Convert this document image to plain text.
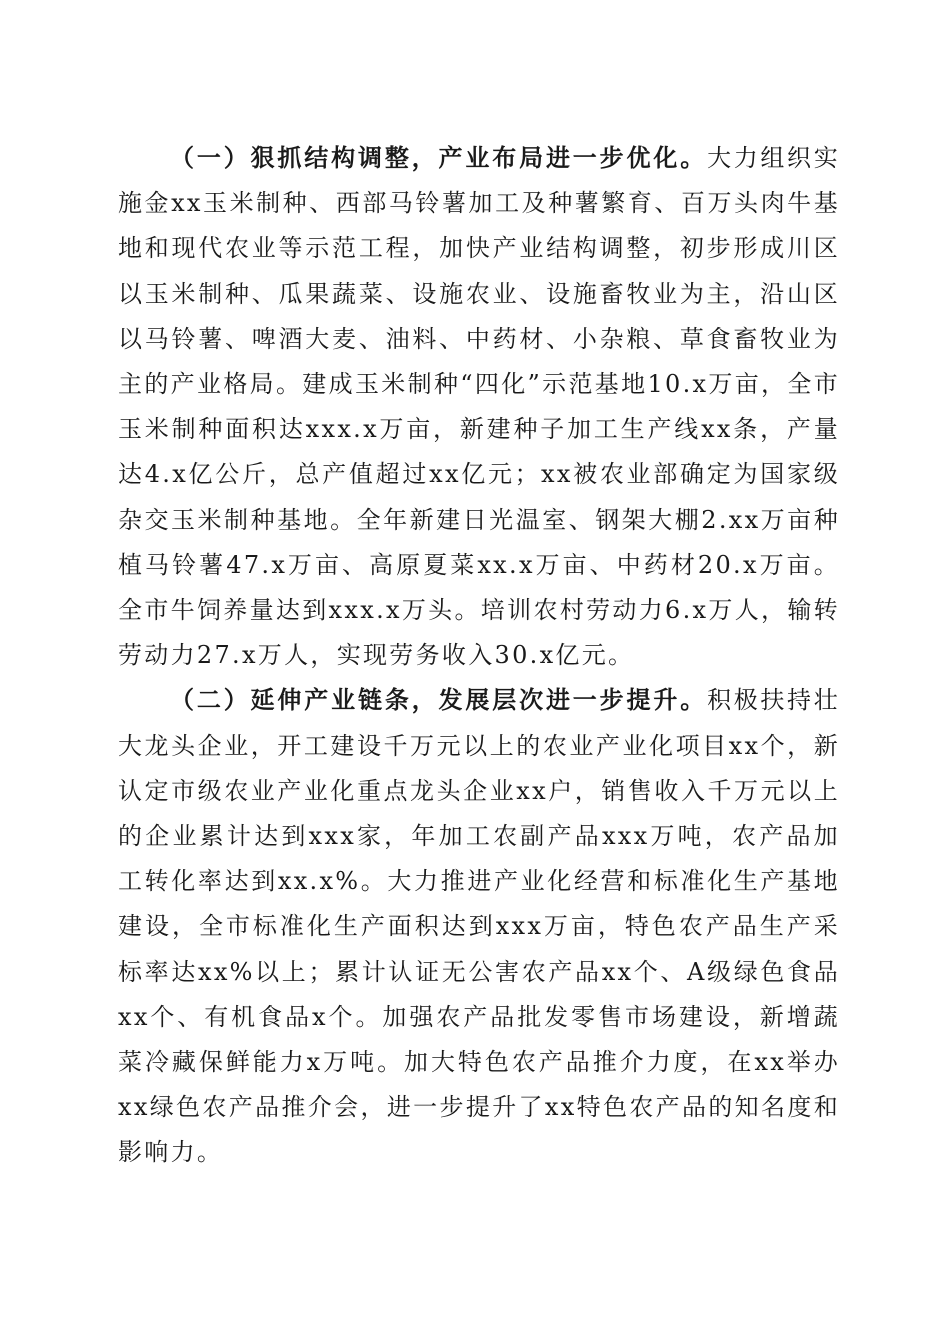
（一）狠抓结构调整，产业布局进一步优化。大力组织实施金xx玉米制种、西部马铃薯加工及种薯繁育、百万头肉牛基地和现代农业等示范工程，加快产业结构调整，初步形成川区以玉米制种、瓜果蔬菜、设施农业、设施畜牧业为主，沿山区以马铃薯、啤酒大麦、油料、中药材、小杂粮、草食畜牧业为主的产业格局。建成玉米制种“四化”示范基地10.x万亩，全市玉米制种面积达xxx.x万亩，新建种子加工生产线xx条，产量达4.x亿公斤，总产值超过xx亿元；xx被农业部确定为国家级杂交玉米制种基地。全年新建日光温室、钢架大棚2.xx万亩种植马铃薯47.x万亩、高原夏菜xx.x万亩、中药材20.x万亩。全市牛饲养量达到xxx.x万头。培训农村劳动力6.x万人，输转劳动力27.x万人，实现劳务收入30.x亿元。

（二）延伸产业链条，发展层次进一步提升。积极扶持壮大龙头企业，开工建设千万元以上的农业产业化项目xx个，新认定市级农业产业化重点龙头企业xx户，销售收入千万元以上的企业累计达到xxx家，年加工农副产品xxx万吨，农产品加工转化率达到xx.x%。大力推进产业化经营和标准化生产基地建设，全市标准化生产面积达到xxx万亩，特色农产品生产采标率达xx%以上；累计认证无公害农产品xx个、A级绿色食品xx个、有机食品x个。加强农产品批发零售市场建设，新增蔬菜冷藏保鲜能力x万吨。加大特色农产品推介力度，在xx举办xx绿色农产品推介会，进一步提升了xx特色农产品的知名度和影响力。
